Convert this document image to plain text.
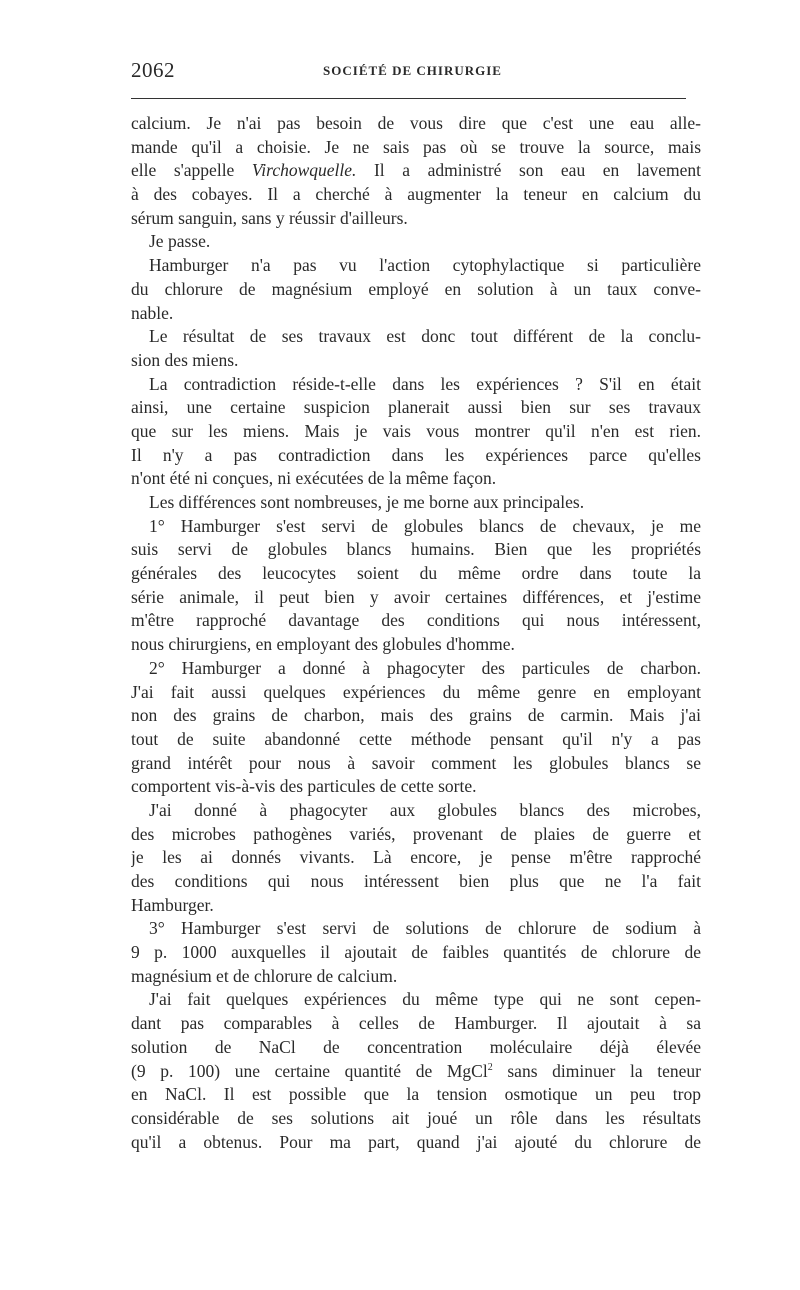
2062	SOCIÉTÉ DE CHIRURGIE
calcium. Je n'ai pas besoin de vous dire que c'est une eau alle-
mande qu'il a choisie. Je ne sais pas où se trouve la source, mais
elle s'appelle Virchowquelle. Il a administré son eau en lavement
à des cobayes. Il a cherché à augmenter la teneur en calcium du
sérum sanguin, sans y réussir d'ailleurs.
Je passe.
Hamburger n'a pas vu l'action cytophylactique si particulière
du chlorure de magnésium employé en solution à un taux conve-
nable.
Le résultat de ses travaux est donc tout différent de la conclu-
sion des miens.
La contradiction réside-t-elle dans les expériences ? S'il en était
ainsi, une certaine suspicion planerait aussi bien sur ses travaux
que sur les miens. Mais je vais vous montrer qu'il n'en est rien.
Il n'y a pas contradiction dans les expériences parce qu'elles
n'ont été ni conçues, ni exécutées de la même façon.
Les différences sont nombreuses, je me borne aux principales.
1° Hamburger s'est servi de globules blancs de chevaux, je me
suis servi de globules blancs humains. Bien que les propriétés
générales des leucocytes soient du même ordre dans toute la
série animale, il peut bien y avoir certaines différences, et j'estime
m'être rapproché davantage des conditions qui nous intéressent,
nous chirurgiens, en employant des globules d'homme.
2° Hamburger a donné à phagocyter des particules de charbon.
J'ai fait aussi quelques expériences du même genre en employant
non des grains de charbon, mais des grains de carmin. Mais j'ai
tout de suite abandonné cette méthode pensant qu'il n'y a pas
grand intérêt pour nous à savoir comment les globules blancs se
comportent vis-à-vis des particules de cette sorte.
J'ai donné à phagocyter aux globules blancs des microbes,
des microbes pathogènes variés, provenant de plaies de guerre et
je les ai donnés vivants. Là encore, je pense m'être rapproché
des conditions qui nous intéressent bien plus que ne l'a fait
Hamburger.
3° Hamburger s'est servi de solutions de chlorure de sodium à
9 p. 1000 auxquelles il ajoutait de faibles quantités de chlorure de
magnésium et de chlorure de calcium.
J'ai fait quelques expériences du même type qui ne sont cepen-
dant pas comparables à celles de Hamburger. Il ajoutait à sa
solution de NaCl de concentration moléculaire déjà élevée
(9 p. 100) une certaine quantité de MgCl$^2$ sans diminuer la teneur
en NaCl. Il est possible que la tension osmotique un peu trop
considérable de ses solutions ait joué un rôle dans les résultats
qu'il a obtenus. Pour ma part, quand j'ai ajouté du chlorure de
